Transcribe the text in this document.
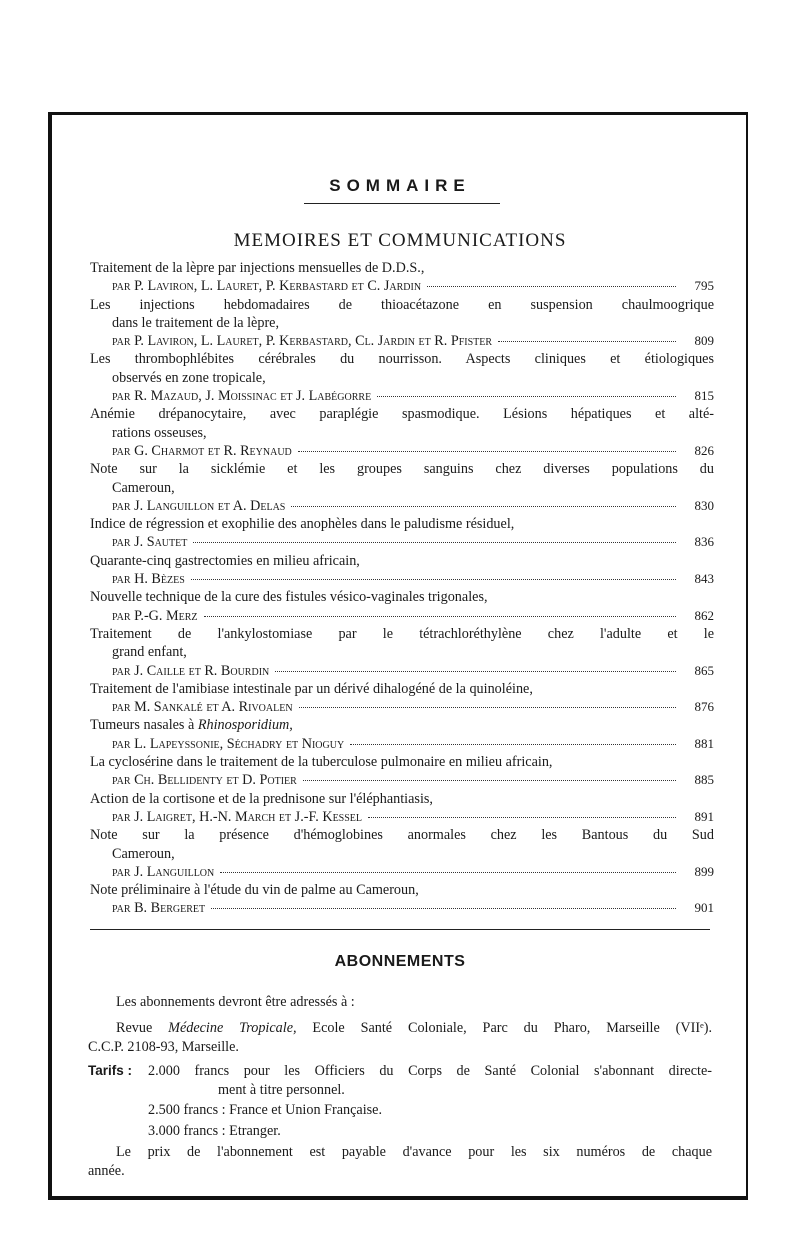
SOMMAIRE
MEMOIRES ET COMMUNICATIONS
Traitement de la lèpre par injections mensuelles de D.D.S.,
par P. Laviron, L. Lauret, P. Kerbastard et C. Jardin	795
Les injections hebdomadaires de thioacétazone en suspension chaulmoogrique
dans le traitement de la lèpre,
par P. Laviron, L. Lauret, P. Kerbastard, Cl. Jardin et R. Pfister	809
Les thrombophlébites cérébrales du nourrisson. Aspects cliniques et étiologiques
observés en zone tropicale,
par R. Mazaud, J. Moissinac et J. Labégorre	815
Anémie drépanocytaire, avec paraplégie spasmodique. Lésions hépatiques et alté-
rations osseuses,
par G. Charmot et R. Reynaud	826
Note sur la sicklémie et les groupes sanguins chez diverses populations du
Cameroun,
par J. Languillon et A. Delas	830
Indice de régression et exophilie des anophèles dans le paludisme résiduel,
par J. Sautet	836
Quarante-cinq gastrectomies en milieu africain,
par H. Bèzes	843
Nouvelle technique de la cure des fistules vésico-vaginales trigonales,
par P.-G. Merz	862
Traitement de l'ankylostomiase par le tétrachloréthylène chez l'adulte et le
grand enfant,
par J. Caille et R. Bourdin	865
Traitement de l'amibiase intestinale par un dérivé dihalogéné de la quinoléine,
par M. Sankalé et A. Rivoalen	876
Tumeurs nasales à Rhinosporidium,
par L. Lapeyssonie, Séchadry et Nioguy	881
La cyclosérine dans le traitement de la tuberculose pulmonaire en milieu africain,
par Ch. Bellidenty et D. Potier	885
Action de la cortisone et de la prednisone sur l'éléphantiasis,
par J. Laigret, H.-N. March et J.-F. Kessel	891
Note sur la présence d'hémoglobines anormales chez les Bantous du Sud
Cameroun,
par J. Languillon	899
Note préliminaire à l'étude du vin de palme au Cameroun,
par B. Bergeret	901
ABONNEMENTS
Les abonnements devront être adressés à :
Revue Médecine Tropicale, Ecole Santé Coloniale, Parc du Pharo, Marseille (VIIᵉ).
C.C.P. 2108-93, Marseille.
Tarifs :	2.000 francs pour les Officiers du Corps de Santé Colonial s'abonnant directe-
ment à titre personnel.
2.500 francs : France et Union Française.
3.000 francs : Etranger.
Le prix de l'abonnement est payable d'avance pour les six numéros de chaque
année.
